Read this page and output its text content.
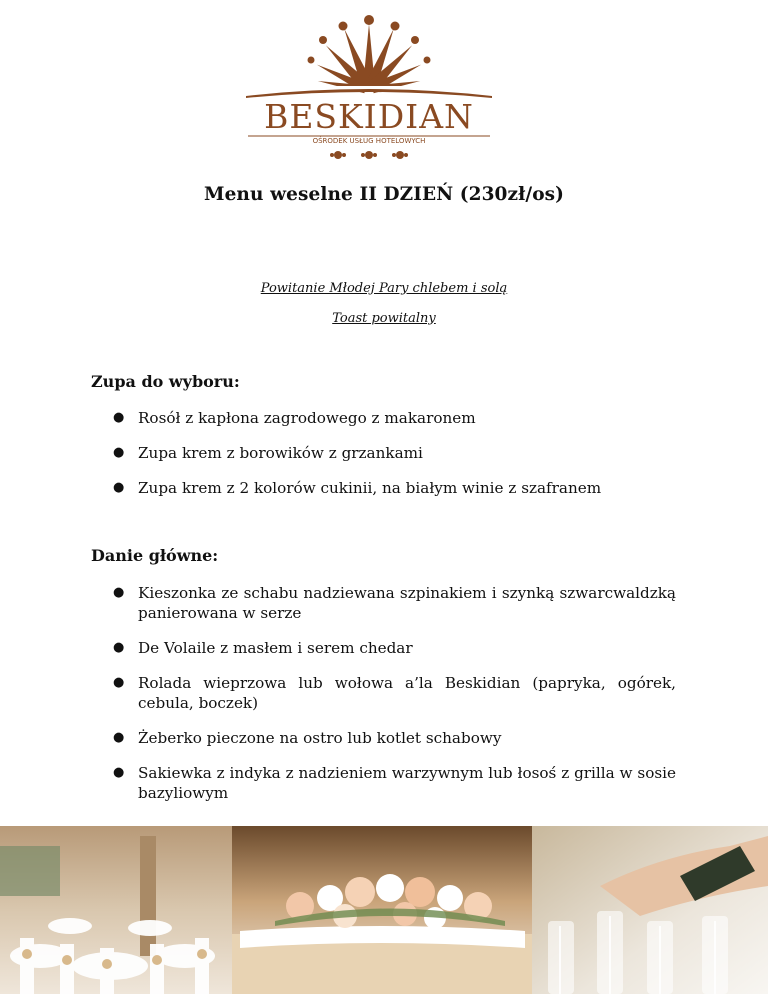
BESKIDIAN
OŚRODEK USŁUG HOTELOWYCH
Menu weselne II DZIEŃ (230zł/os)
Powitanie Młodej Pary chlebem i solą
Toast powitalny
Zupa do wyboru:
● Rosół z kapłona zagrodowego z makaronem
● Zupa krem z borowików z grzankami
● Zupa krem z 2 kolorów cukinii, na białym winie z szafranem
Danie główne:
● Kieszonka ze schabu nadziewana szpinakiem i szynką szwarcwaldzką panierowana w serze
● De Volaile z masłem i serem chedar
● Rolada wieprzowa lub wołowa a’la Beskidian (papryka, ogórek, cebula, boczek)
● Żeberko pieczone na ostro lub kotlet schabowy
● Sakiewka z indyka z nadzieniem warzywnym lub łosoś z grilla w sosie bazyliowym
